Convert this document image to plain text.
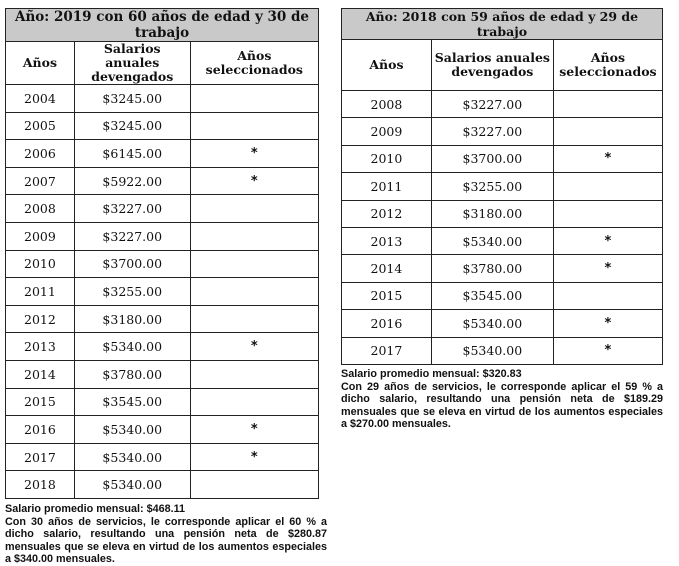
Año: 2019 con 60 años de edad y 30 de trabajo		
Años	Salarios anuales devengados	Años seleccionados
2004	$3245.00	
2005	$3245.00	
2006	$6145.00	*
2007	$5922.00	*
2008	$3227.00	
2009	$3227.00	
2010	$3700.00	
2011	$3255.00	
2012	$3180.00	
2013	$5340.00	*
2014	$3780.00	
2015	$3545.00	
2016	$5340.00	*
2017	$5340.00	*
2018	$5340.00	
Salario promedio mensual: $468.11
Con 30 años de servicios, le corresponde aplicar el 60 % a dicho salario, resultando una pensión neta de $280.87 mensuales que se eleva en virtud de los aumentos especiales a $340.00 mensuales.
Año: 2018 con 59 años de edad y 29 de trabajo		
Años	Salarios anuales devengados	Años seleccionados
2008	$3227.00	
2009	$3227.00	
2010	$3700.00	*
2011	$3255.00	
2012	$3180.00	
2013	$5340.00	*
2014	$3780.00	*
2015	$3545.00	
2016	$5340.00	*
2017	$5340.00	*
Salario promedio mensual: $320.83
Con 29 años de servicios, le corresponde aplicar el 59 % a dicho salario, resultando una pensión neta de $189.29 mensuales que se eleva en virtud de los aumentos especiales a $270.00 mensuales.
